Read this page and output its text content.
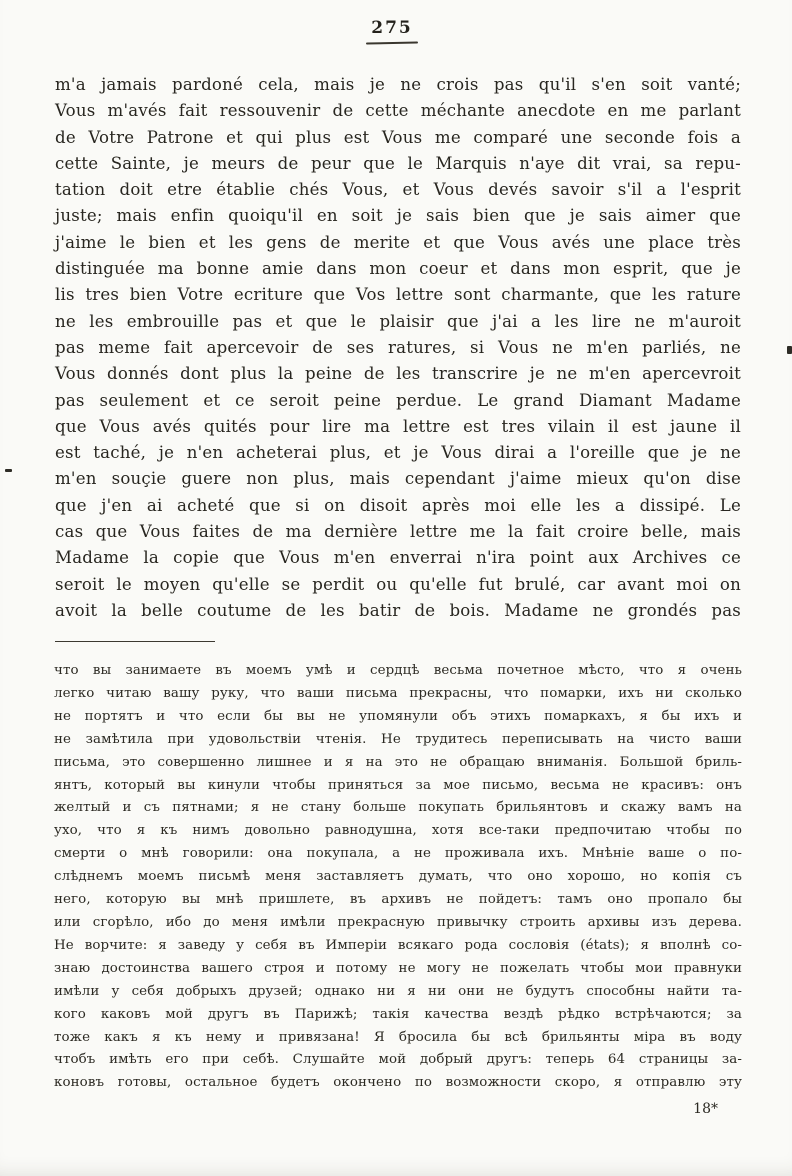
275
m'a jamais pardoné cela, mais je ne crois pas qu'il s'en soit vanté;
Vous m'avés fait ressouvenir de cette méchante anecdote en me parlant
de Votre Patrone et qui plus est Vous me comparé une seconde fois a
cette Sainte, je meurs de peur que le Marquis n'aye dit vrai, sa repu-
tation doit etre établie chés Vous, et Vous devés savoir s'il a l'esprit
juste; mais enfin quoiqu'il en soit je sais bien que je sais aimer que
j'aime le bien et les gens de merite et que Vous avés une place très
distinguée ma bonne amie dans mon coeur et dans mon esprit, que je
lis tres bien Votre ecriture que Vos lettre sont charmante, que les rature
ne les embrouille pas et que le plaisir que j'ai a les lire ne m'auroit
pas meme fait apercevoir de ses ratures, si Vous ne m'en parliés, ne
Vous donnés dont plus la peine de les transcrire je ne m'en apercevroit
pas seulement et ce seroit peine perdue. Le grand Diamant Madame
que Vous avés quités pour lire ma lettre est tres vilain il est jaune il
est taché, je n'en acheterai plus, et je Vous dirai a l'oreille que je ne
m'en souçie guere non plus, mais cependant j'aime mieux qu'on dise
que j'en ai acheté que si on disoit après moi elle les a dissipé. Le
cas que Vous faites de ma dernière lettre me la fait croire belle, mais
Madame la copie que Vous m'en enverrai n'ira point aux Archives ce
seroit le moyen qu'elle se perdit ou qu'elle fut brulé, car avant moi on
avoit la belle coutume de les batir de bois. Madame ne grondés pas
что вы занимаете въ моемъ умѣ и сердцѣ весьма почетное мѣсто, что я очень
легко читаю вашу руку, что ваши письма прекрасны, что помарки, ихъ ни сколько
не портятъ и что если бы вы не упомянули объ этихъ помаркахъ, я бы ихъ и
не замѣтила при удовольствіи чтенія. Не трудитесь переписывать на чисто ваши
письма, это совершенно лишнее и я на это не обращаю вниманія. Большой бриль-
янтъ, который вы кинули чтобы приняться за мое письмо, весьма не красивъ: онъ
желтый и съ пятнами; я не стану больше покупать брильянтовъ и скажу вамъ на
ухо, что я къ нимъ довольно равнодушна, хотя все-таки предпочитаю чтобы по
смерти о мнѣ говорили: она покупала, а не проживала ихъ. Мнѣніе ваше о по-
слѣднемъ моемъ письмѣ меня заставляетъ думать, что оно хорошо, но копія съ
него, которую вы мнѣ пришлете, въ архивъ не пойдетъ: тамъ оно пропало бы
или сгорѣло, ибо до меня имѣли прекрасную привычку строить архивы изъ дерева.
Не ворчите: я заведу у себя въ Имперіи всякаго рода сословія (états); я вполнѣ со-
знаю достоинства вашего строя и потому не могу не пожелать чтобы мои правнуки
имѣли у себя добрыхъ друзей; однако ни я ни они не будутъ способны найти та-
кого каковъ мой другъ въ Парижѣ; такія качества вездѣ рѣдко встрѣчаются; за
тоже какъ я къ нему и привязана! Я бросила бы всѣ брильянты міра въ воду
чтобъ имѣть его при себѣ. Слушайте мой добрый другъ: теперь 64 страницы за-
коновъ готовы, остальное будетъ окончено по возможности скоро, я отправлю эту
18*
